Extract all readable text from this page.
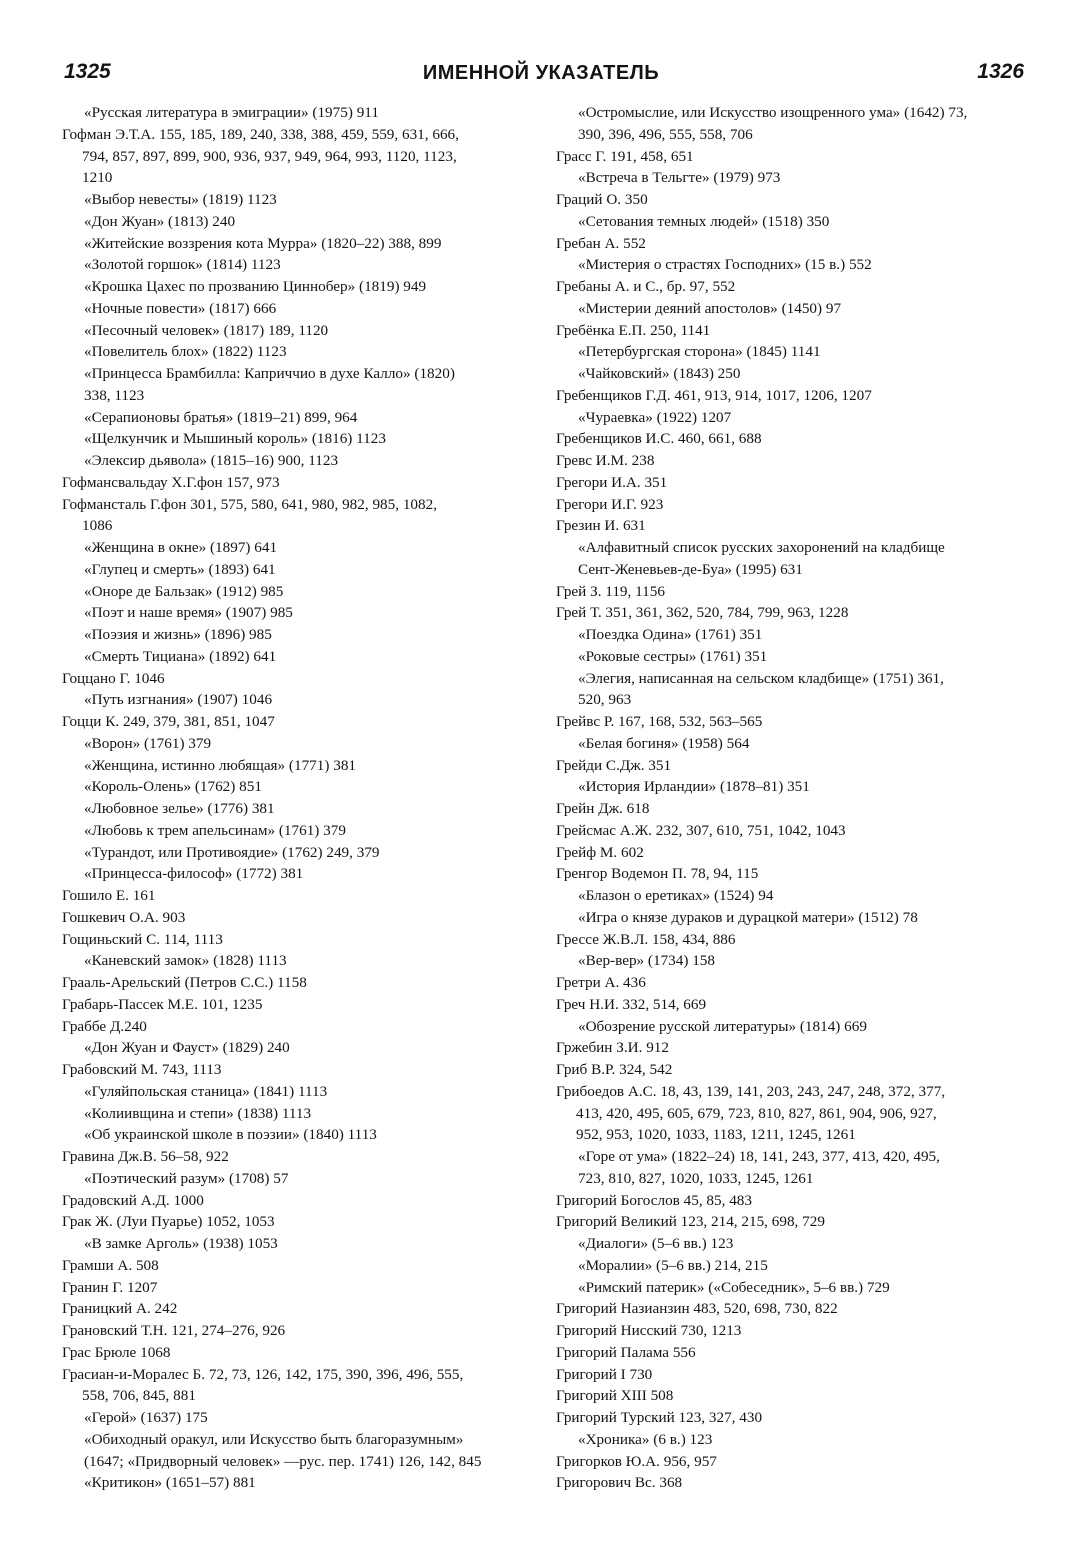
1325	ИМЕННОЙ УКАЗАТЕЛЬ	1326
«Русская литература в эмиграции» (1975) 911
Гофман Э.Т.А. 155, 185, 189, 240, 338, 388, 459, 559, 631, 666,
794, 857, 897, 899, 900, 936, 937, 949, 964, 993, 1120, 1123,
1210
«Выбор невесты» (1819) 1123
«Дон Жуан» (1813) 240
«Житейские воззрения кота Мурра» (1820–22) 388, 899
«Золотой горшок» (1814) 1123
«Крошка Цахес по прозванию Циннобер» (1819) 949
«Ночные повести» (1817) 666
«Песочный человек» (1817) 189, 1120
«Повелитель блох» (1822) 1123
«Принцесса Брамбилла: Каприччио в духе Калло» (1820)
338, 1123
«Серапионовы братья» (1819–21) 899, 964
«Щелкунчик и Мышиный король» (1816) 1123
«Элексир дьявола» (1815–16) 900, 1123
Гофмансвальдау Х.Г.фон 157, 973
Гофмансталь Г.фон 301, 575, 580, 641, 980, 982, 985, 1082,
1086
«Женщина в окне» (1897) 641
«Глупец и смерть» (1893) 641
«Оноре де Бальзак» (1912) 985
«Поэт и наше время» (1907) 985
«Поэзия и жизнь» (1896) 985
«Смерть Тициана» (1892) 641
Гоццано Г. 1046
«Путь изгнания» (1907) 1046
Гоцци К. 249, 379, 381, 851, 1047
«Ворон» (1761) 379
«Женщина, истинно любящая» (1771) 381
«Король-Олень» (1762) 851
«Любовное зелье» (1776) 381
«Любовь к трем апельсинам» (1761) 379
«Турандот, или Противоядие» (1762) 249, 379
«Принцесса-философ» (1772) 381
Гошило Е. 161
Гошкевич О.А. 903
Гощиньский С. 114, 1113
«Каневский замок» (1828) 1113
Грааль-Арельский (Петров С.С.) 1158
Грабарь-Пассек М.Е. 101, 1235
Граббе Д.240
«Дон Жуан и Фауст» (1829) 240
Грабовский М. 743, 1113
«Гуляйпольская станица» (1841) 1113
«Колиивщина и степи» (1838) 1113
«Об украинской школе в поэзии» (1840) 1113
Гравина Дж.В. 56–58, 922
«Поэтический разум» (1708) 57
Градовский А.Д. 1000
Грак Ж. (Луи Пуарье) 1052, 1053
«В замке Арголь» (1938) 1053
Грамши А. 508
Гранин Г. 1207
Границкий А. 242
Грановский Т.Н. 121, 274–276, 926
Грас Брюле 1068
Грасиан-и-Моралес Б. 72, 73, 126, 142, 175, 390, 396, 496, 555,
558, 706, 845, 881
«Герой» (1637) 175
«Обиходный оракул, или Искусство быть благоразумным»
(1647; «Придворный человек» —рус. пер. 1741) 126, 142, 845
«Критикон» (1651–57) 881
«Остромыслие, или Искусство изощренного ума» (1642) 73,
390, 396, 496, 555, 558, 706
Грасс Г. 191, 458, 651
«Встреча в Тельгте» (1979) 973
Граций О. 350
«Сетования темных людей» (1518) 350
Гребан А. 552
«Мистерия о страстях Господних» (15 в.) 552
Гребаны А. и С., бр. 97, 552
«Мистерии деяний апостолов» (1450) 97
Гребёнка Е.П. 250, 1141
«Петербургская сторона» (1845) 1141
«Чайковский» (1843) 250
Гребенщиков Г.Д. 461, 913, 914, 1017, 1206, 1207
«Чураевка» (1922) 1207
Гребенщиков И.С. 460, 661, 688
Гревс И.М. 238
Грегори И.А. 351
Грегори И.Г. 923
Грезин И. 631
«Алфавитный список русских захоронений на кладбище
Сент-Женевьев-де-Буа» (1995) 631
Грей З. 119, 1156
Грей Т. 351, 361, 362, 520, 784, 799, 963, 1228
«Поездка Одина» (1761) 351
«Роковые сестры» (1761) 351
«Элегия, написанная на сельском кладбище» (1751) 361,
520, 963
Грейвс Р. 167, 168, 532, 563–565
«Белая богиня» (1958) 564
Грейди С.Дж. 351
«История Ирландии» (1878–81) 351
Грейн Дж. 618
Грейсмас А.Ж. 232, 307, 610, 751, 1042, 1043
Грейф М. 602
Гренгор Водемон П. 78, 94, 115
«Блазон о еретиках» (1524) 94
«Игра о князе дураков и дурацкой матери» (1512) 78
Грессе Ж.В.Л. 158, 434, 886
«Вер-вер» (1734) 158
Гретри А. 436
Греч Н.И. 332, 514, 669
«Обозрение русской литературы» (1814) 669
Гржебин З.И. 912
Гриб В.Р. 324, 542
Грибоедов А.С. 18, 43, 139, 141, 203, 243, 247, 248, 372, 377,
413, 420, 495, 605, 679, 723, 810, 827, 861, 904, 906, 927,
952, 953, 1020, 1033, 1183, 1211, 1245, 1261
«Горе от ума» (1822–24) 18, 141, 243, 377, 413, 420, 495,
723, 810, 827, 1020, 1033, 1245, 1261
Григорий Богослов 45, 85, 483
Григорий Великий 123, 214, 215, 698, 729
«Диалоги» (5–6 вв.) 123
«Моралии» (5–6 вв.) 214, 215
«Римский патерик» («Собеседник», 5–6 вв.) 729
Григорий Назианзин 483, 520, 698, 730, 822
Григорий Нисский 730, 1213
Григорий Палама 556
Григорий I 730
Григорий XIII 508
Григорий Турский 123, 327, 430
«Хроника» (6 в.) 123
Григорков Ю.А. 956, 957
Григорович Вс. 368
